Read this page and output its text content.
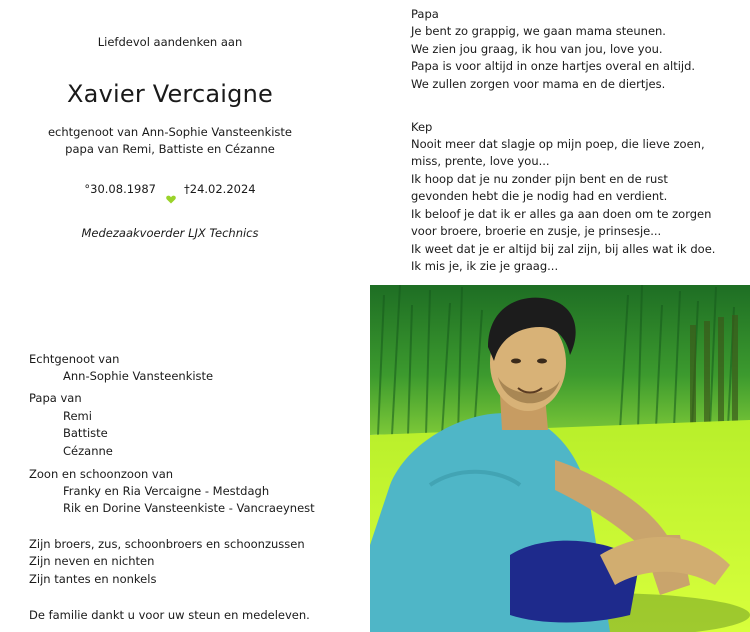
Liefdevol aandenken aan
Xavier Vercaigne
echtgenoot van Ann-Sophie Vansteenkiste
papa van Remi, Battiste en Cézanne
°30.08.1987 †24.02.2024
Medezaakvoerder LJX Technics
Echtgenoot van
Ann-Sophie Vansteenkiste
Papa van
Remi
Battiste
Cézanne
Zoon en schoonzoon van
Franky en Ria Vercaigne - Mestdagh
Rik en Dorine Vansteenkiste - Vancraeynest
Zijn broers, zus, schoonbroers en schoonzussen
Zijn neven en nichten
Zijn tantes en nonkels
De familie dankt u voor uw steun en medeleven.
Papa
Je bent zo grappig, we gaan mama steunen.
We zien jou graag, ik hou van jou, love you.
Papa is voor altijd in onze hartjes overal en altijd.
We zullen zorgen voor mama en de diertjes.
Kep
Nooit meer dat slagje op mijn poep, die lieve zoen,
miss, prente, love you...
Ik hoop dat je nu zonder pijn bent en de rust
gevonden hebt die je nodig had en verdient.
Ik beloof je dat ik er alles ga aan doen om te zorgen
voor broere, broerie en zusje, je prinsesje...
Ik weet dat je er altijd bij zal zijn, bij alles wat ik doe.
Ik mis je, ik zie je graag...
